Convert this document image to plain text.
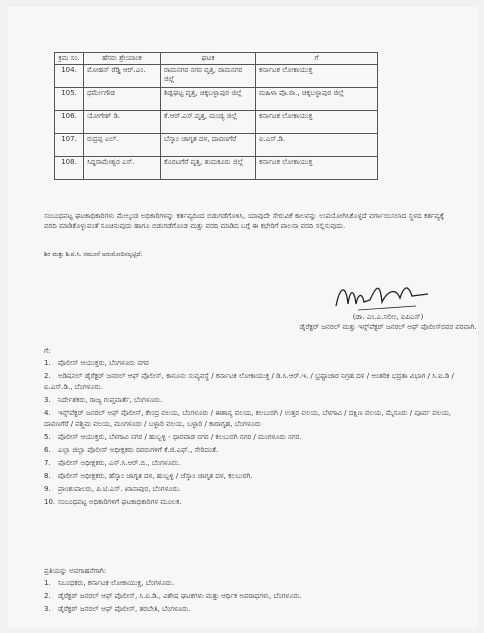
ಕ್ರಮ ಸಂ.	ಹೆಸರು ಶ್ರೇಯಾಂಕ	ಘಟಕ	ಗೆ
104.	ಮೋಹನ್ ರೆಡ್ಡಿ ಆರ್.ಎಂ.	ರಾಮನಗರ ನಗರ ವೃತ್ತ, ರಾಮನಗರ ಜಿಲ್ಲೆ	ಕರ್ನಾಟಕ ಲೋಕಾಯುಕ್ತ
105.	ಧರ್ಮೇಗೌಡ	ಶಿಡ್ಲಘಟ್ಟ ವೃತ್ತ, ಚಿಕ್ಕಬಳ್ಳಾಪುರ ಜಿಲ್ಲೆ	ಮಹಿಳಾ ಪೊ.ಠಾ., ಚಿಕ್ಕಬಳ್ಳಾಪುರ ಜಿಲ್ಲೆ
106.	ಯೋಗೇಶ್ ಡಿ.	ಕೆ.ಆರ್.ಎಸ್.ವೃತ್ತ, ಮಂಡ್ಯ ಜಿಲ್ಲೆ	ಕರ್ನಾಟಕ ಲೋಕಾಯುಕ್ತ
107.	ರುದ್ರಪ್ಪ ಎಲ್.	ಬೆಸ್ಕಾಂ ಜಾಗೃತ ದಳ, ದಾವಣಗೆರೆ	ಐ.ಎಸ್.ಡಿ.
108.	ಸಿದ್ದರಾಮೇಶ್ವರ ಎಸ್.	ಕೊರಟಗೆರೆ ವೃತ್ತ, ತುಮಕೂರು ಜಿಲ್ಲೆ	ಕರ್ನಾಟಕ ಲೋಕಾಯುಕ್ತ
ಸಂಬಂಧಪಟ್ಟ ಘಟಕಾಧಿಕಾರಿಗಳು ಮೇಲ್ಕಂಡ ಅಧಿಕಾರಿಗಳನ್ನು ಕರ್ತವ್ಯದಿಂದ ಬಿಡುಗಡೆಗೊಳಿಸಿ, ಯಾವುದೇ ಸೇರುವಿಕೆ ಕಾಲವನ್ನು ಉಪಯೋಗಿಸಿಕೊಳ್ಳದೆ ವರ್ಗಾಯಿಸಲಾದ ಸ್ಥಳದ ಕರ್ತವ್ಯಕ್ಕೆ ವರದಿ ಮಾಡಿಕೊಳ್ಳುವಂತೆ ಸೂಚಿಸುವುದು ಹಾಗೂ ಬಿಡುಗಡೆಗೊಂಡ ಮತ್ತು ವರದಿ ಮಾಡಿದ ಬಗ್ಗೆ ಈ ಕಛೇರಿಗೆ ಪಾಲನಾ ವರದಿ ಸಲ್ಲಿಸುವುದು.
ಶಿರ ಮತ್ತು ಶಿ.ಪ.ಸಿ. ನಮೂನೆ ಅನುಮೋದಿಸಲ್ಪಟ್ಟಿದೆ.
(ಡಾ. ಎಂ.ಎ.ಸಲೀಂ, ಐಪಿಎಸ್)
ಡೈರೆಕ್ಟರ್ ಜನರಲ್ ಮತ್ತು ಇನ್ಸ್‌ಪೆಕ್ಟರ್ ಜನರಲ್ ಆಫ್ ಪೊಲೀಸ್‌ರವರ ಪರವಾಗಿ.
ಗೆ:
1. ಪೊಲೀಸ್ ಆಯುಕ್ತರು, ಬೆಂಗಳೂರು ನಗರ
2. ಅಡಿಷನಲ್ ಡೈರೆಕ್ಟರ್ ಜನರಲ್ ಆಫ್ ಪೊಲೀಸ್, ಕಾನೂನು ಸುವ್ಯವಸ್ಥೆ / ಕರ್ನಾಟಕ ಲೋಕಾಯುಕ್ತ / ಡಿ.ಸಿ.ಆರ್.ಇ. / ಭ್ರಷ್ಟಾಚಾರ ನಿಗ್ರಹ ದಳ / ಆಂತರಿಕ ಭದ್ರತಾ ವಿಭಾಗ / ಸಿ.ಐ.ಡಿ / ಐ.ಎಸ್.ಡಿ., ಬೆಂಗಳೂರು.
3. ನಿರ್ದೇಶಕರು, ರಾಜ್ಯ ಗುಪ್ತವಾರ್ತೆ, ಬೆಂಗಳೂರು.
4. ಇನ್ಸ್‌ಪೆಕ್ಟರ್ ಜನರಲ್ ಆಫ್ ಪೊಲೀಸ್, ಕೇಂದ್ರ ವಲಯ, ಬೆಂಗಳೂರು / ಈಶಾನ್ಯ ವಲಯ, ಕಲಬುರಗಿ / ಉತ್ತರ ವಲಯ, ಬೆಳಗಾವಿ / ದಕ್ಷಿಣ ವಲಯ, ಮೈಸೂರು / ಪೂರ್ವ ವಲಯ, ದಾವಣಗೆರೆ / ಪಶ್ಚಿಮ ವಲಯ, ಮಂಗಳೂರು / ಬಳ್ಳಾರಿ ವಲಯ, ಬಳ್ಳಾರಿ / ಕಾರಾಗೃಹ, ಬೆಂಗಳೂರು
5. ಪೊಲೀಸ್ ಆಯುಕ್ತರು, ಬೆಳಗಾವಿ ನಗರ / ಹುಬ್ಬಳ್ಳಿ - ಧಾರವಾಡ ನಗರ / ಕಲಬುರಗಿ ನಗರ / ಮಂಗಳೂರು ನಗರ.
6. ಎಲ್ಲಾ ಜಿಲ್ಲಾ ಪೊಲೀಸ್ ಅಧೀಕ್ಷಕರು ರವರುಗಳಿಗೆ ಕೆ.ಜಿ.ಎಫ್., ಸೇರಿದಂತೆ.
7. ಪೊಲೀಸ್ ಅಧೀಕ್ಷಕರು, ಎಸ್.ಸಿ.ಆರ್.ಬಿ., ಬೆಂಗಳೂರು.
8. ಪೊಲೀಸ್ ಅಧೀಕ್ಷಕರು, ಹೆಸ್ಕಾಂ ಜಾಗೃತ ದಳ, ಹುಬ್ಬಳ್ಳಿ / ಜೆಸ್ಕಾಂ ಜಾಗೃತ ದಳ, ಕಲಬುರಗಿ.
9. ಪ್ರಾಂಶುಪಾಲರು, ಪಿ.ಟಿ.ಎಸ್. ಖಾನಾಪುರ, ಬೆಂಗಳೂರು.
10. ಸಂಬಂಧಪಟ್ಟ ಅಧಿಕಾರಿಗಳಿಗೆ ಘಟಕಾಧಿಕಾರಿಗಳ ಮೂಲಕ.
ಪ್ರತಿಯನ್ನು ಅವಗಾಹನೆಗಾಗಿ:
1. ನಿಬಂಧಕರು, ಕರ್ನಾಟಕ ಲೋಕಾಯುಕ್ತ, ಬೆಂಗಳೂರು.
2. ಡೈರೆಕ್ಟರ್ ಜನರಲ್ ಆಫ್ ಪೊಲೀಸ್, ಸಿ.ಐ.ಡಿ., ವಿಶೇಷ ಘಟಕಗಳು ಮತ್ತು ಆರ್ಥಿಕ ಅಪರಾಧಗಳು, ಬೆಂಗಳೂರು.
3. ಡೈರೆಕ್ಟರ್ ಜನರಲ್ ಆಫ್ ಪೊಲೀಸ್, ತರಬೇತಿ, ಬೆಂಗಳೂರು.
